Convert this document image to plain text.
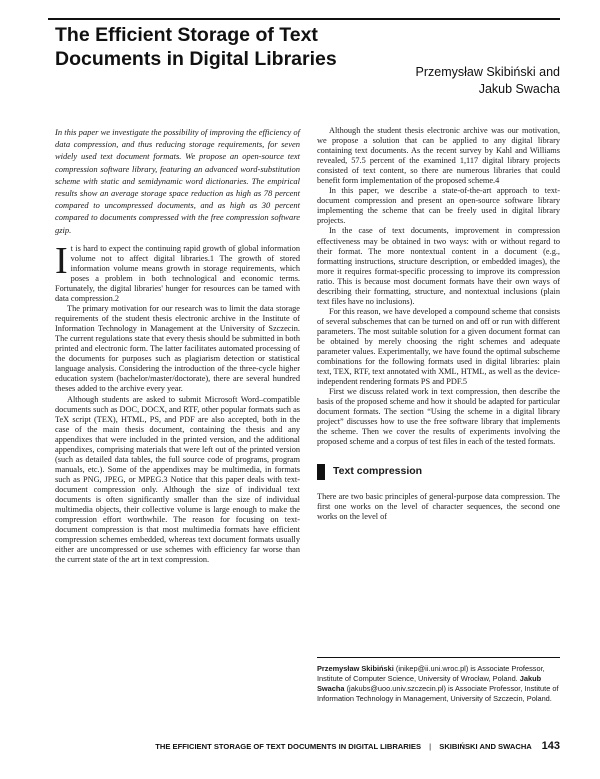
The Efficient Storage of Text Documents in Digital Libraries
Przemysław Skibiński and
Jakub Swacha

In this paper we investigate the possibility of improving the efficiency of data compression, and thus reducing storage requirements, for seven widely used text document formats. We propose an open-source text compression software library, featuring an advanced word-substitution scheme with static and semidynamic word dictionaries. The empirical results show an average storage space reduction as high as 78 percent compared to uncompressed documents, and as high as 30 percent compared to documents compressed with the free compression software gzip.

It is hard to expect the continuing rapid growth of global information volume not to affect digital libraries.1 The growth of stored information volume means growth in storage requirements, which poses a problem in both technological and economic terms. Fortunately, the digital libraries' hunger for resources can be tamed with data compression.2

The primary motivation for our research was to limit the data storage requirements of the student thesis electronic archive in the Institute of Information Technology in Management at the University of Szczecin. The current regulations state that every thesis should be submitted in both printed and electronic form. The latter facilitates automated processing of the documents for purposes such as plagiarism detection or statistical language analysis. Considering the introduction of the three-cycle higher education system (bachelor/master/doctorate), there are several hundred theses added to the archive every year.

Although students are asked to submit Microsoft Word–compatible documents such as DOC, DOCX, and RTF, other popular formats such as TeX script (TEX), HTML, PS, and PDF are also accepted, both in the case of the main thesis document, containing the thesis and any appendixes that were included in the printed version, and the additional appendixes, comprising materials that were left out of the printed version (such as detailed data tables, the full source code of programs, program manuals, etc.). Some of the appendixes may be multimedia, in formats such as PNG, JPEG, or MPEG.3 Notice that this paper deals with text-document compression only. Although the size of individual text documents is often significantly smaller than the size of individual multimedia objects, their collective volume is large enough to make the compression effort worthwhile. The reason for focusing on text-document compression is that most multimedia formats have efficient compression schemes embedded, whereas text document formats usually either are uncompressed or use schemes with efficiency far worse than the current state of the art in text compression.

Although the student thesis electronic archive was our motivation, we propose a solution that can be applied to any digital library containing text documents. As the recent survey by Kahl and Williams revealed, 57.5 percent of the examined 1,117 digital library projects consisted of text content, so there are numerous libraries that could benefit form implementation of the proposed scheme.4

In this paper, we describe a state-of-the-art approach to text-document compression and present an open-source software library implementing the scheme that can be freely used in digital library projects.

In the case of text documents, improvement in compression effectiveness may be obtained in two ways: with or without regard to their format. The more nontextual content in a document (e.g., formatting instructions, structure description, or embedded images), the more it requires format-specific processing to improve its compression ratio. This is because most document formats have their own ways of describing their formatting, structure, and nontextual inclusions (plain text files have no inclusions).

For this reason, we have developed a compound scheme that consists of several subschemes that can be turned on and off or run with different parameters. The most suitable solution for a given document format can be obtained by merely choosing the right schemes and adequate parameter values. Experimentally, we have found the optimal subscheme combinations for the following formats used in digital libraries: plain text, TEX, RTF, text annotated with XML, HTML, as well as the device-independent rendering formats PS and PDF.5

First we discuss related work in text compression, then describe the basis of the proposed scheme and how it should be adapted for particular document formats. The section “Using the scheme in a digital library project” discusses how to use the free software library that implements the scheme. Then we cover the results of experiments involving the proposed scheme and a corpus of test files in each of the tested formats.

Text compression

There are two basic principles of general-purpose data compression. The first one works on the level of character sequences, the second one works on the level of

Przemysław Skibiński (inikep@ii.uni.wroc.pl) is Associate Professor, Institute of Computer Science, University of Wrocław, Poland. Jakub Swacha (jakubs@uoo.univ.szczecin.pl) is Associate Professor, Institute of Information Technology in Management, University of Szczecin, Poland.
THE EFFICIENT STORAGE OF TEXT DOCUMENTS IN DIGITAL LIBRARIES | SKIBIŃSKI AND SWACHA 143
